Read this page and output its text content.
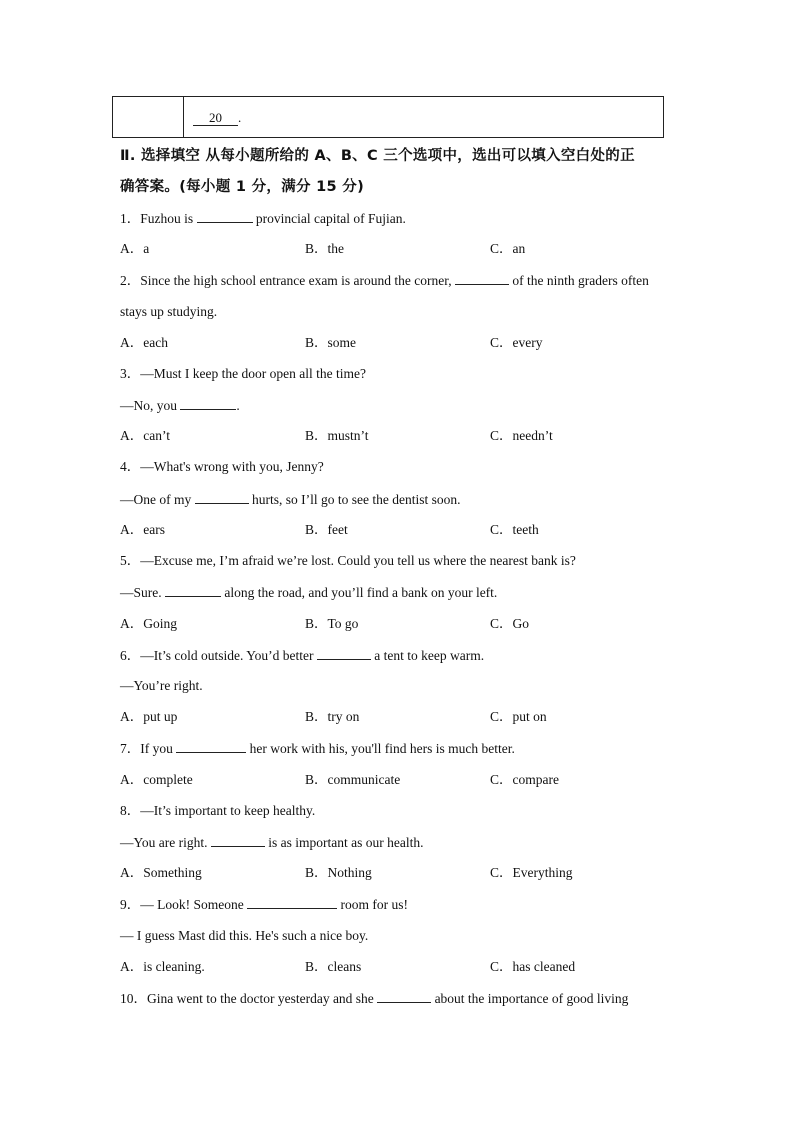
20 .
Ⅱ. 选择填空 从每小题所给的 A、B、C 三个选项中，选出可以填入空白处的正
确答案。(每小题 1 分，满分 15 分)
1．Fuzhou is	provincial capital of Fujian.
A．a	B．the	C．an
2．Since the high school entrance exam is around the corner,	of the ninth graders often
stays up studying.
A．each	B．some	C．every
3．—Must I keep the door open all the time?
—No, you	.
A．can’t	B．mustn’t	C．needn’t
4．—What's wrong with you, Jenny?
—One of my	hurts, so I’ll go to see the dentist soon.
A．ears	B．feet	C．teeth
5．—Excuse me, I’m afraid we’re lost. Could you tell us where the nearest bank is?
—Sure.	along the road, and you’ll find a bank on your left.
A．Going	B．To go	C．Go
6．—It’s cold outside. You’d better	a tent to keep warm.
—You’re right.
A．put up	B．try on	C．put on
7．If you	her work with his, you'll find hers is much better.
A．complete	B．communicate	C．compare
8．—It’s important to keep healthy.
—You are right.	is as important as our health.
A．Something	B．Nothing	C．Everything
9．— Look! Someone	room for us!
— I guess Mast did this. He's such a nice boy.
A．is cleaning.	B．cleans	C．has cleaned
10．Gina went to the doctor yesterday and she	about the importance of good living
